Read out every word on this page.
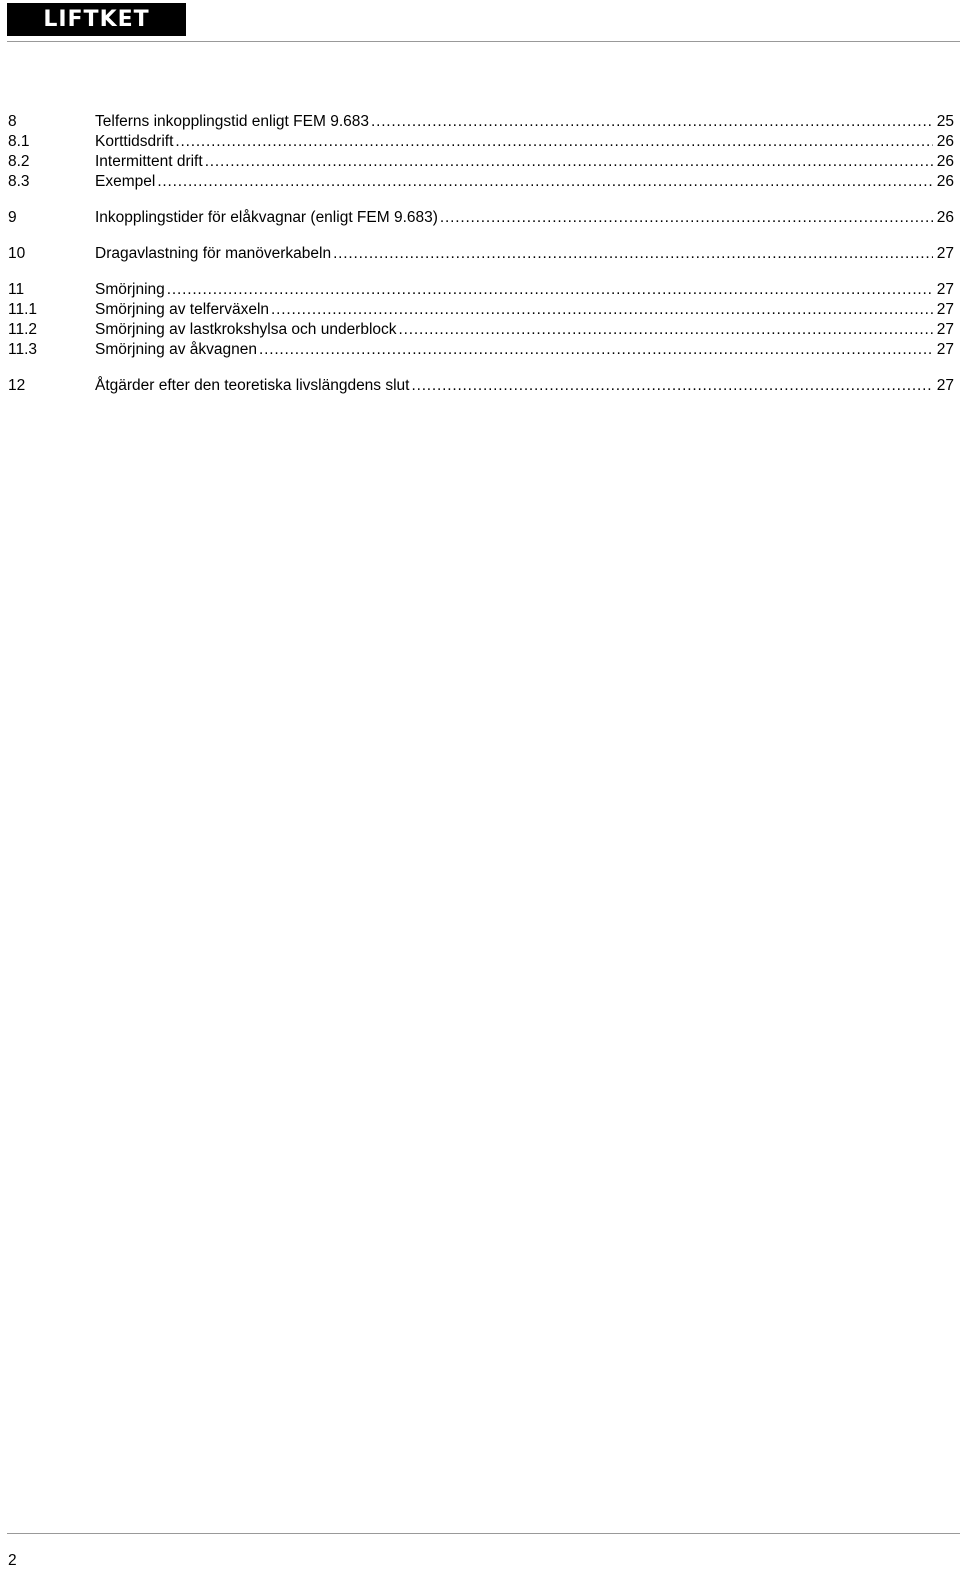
LIFTKET
8	Telferns inkopplingstid enligt FEM 9.683 .....	25
8.1	Korttidsdrift .....	26
8.2	Intermittent drift .....	26
8.3	Exempel .....	26
9	Inkopplingstider för elåkvagnar (enligt FEM 9.683) .....	26
10	Dragavlastning för manöverkabeln .....	27
11	Smörjning .....	27
11.1	Smörjning av telferväxeln .....	27
11.2	Smörjning av lastkrokshylsa och underblock .....	27
11.3	Smörjning av åkvagnen .....	27
12	Åtgärder efter den teoretiska livslängdens slut .....	27
2
